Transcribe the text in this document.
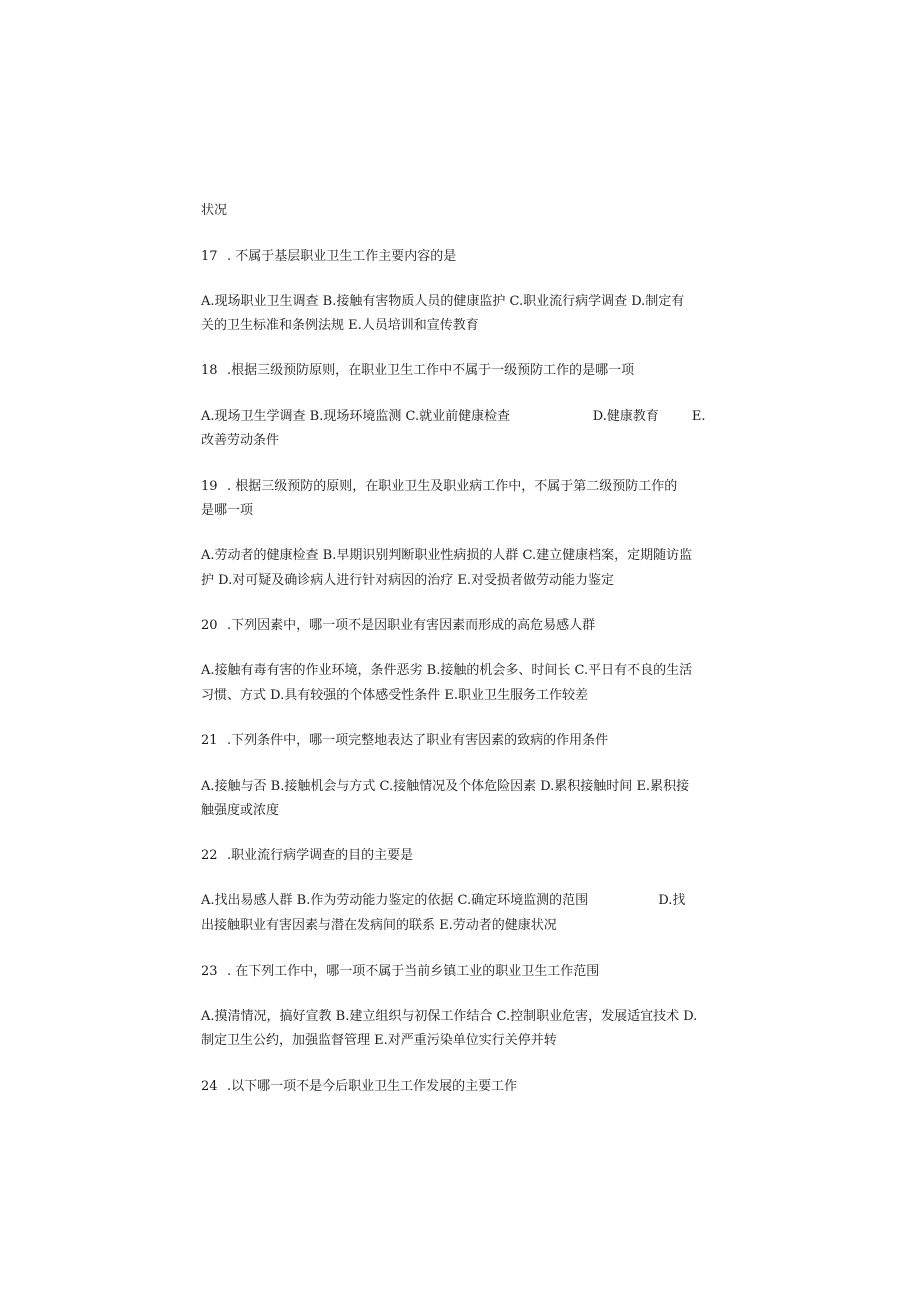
状况
17 . 不属于基层职业卫生工作主要内容的是
A.现场职业卫生调查 B.接触有害物质人员的健康监护 C.职业流行病学调查 D.制定有
关的卫生标准和条例法规 E.人员培训和宣传教育
18 .根据三级预防原则，在职业卫生工作中不属于一级预防工作的是哪一项
A.现场卫生学调查 B.现场环境监测 C.就业前健康检查                    D.健康教育        E.
改善劳动条件
19 . 根据三级预防的原则，在职业卫生及职业病工作中，不属于第二级预防工作的
是哪一项
A.劳动者的健康检查 B.早期识别判断职业性病损的人群 C.建立健康档案，定期随访监
护 D.对可疑及确诊病人进行针对病因的治疗 E.对受损者做劳动能力鉴定
20 .下列因素中，哪一项不是因职业有害因素而形成的高危易感人群
A.接触有毒有害的作业环境，条件恶劣 B.接触的机会多、时间长 C.平日有不良的生活
习惯、方式 D.具有较强的个体感受性条件 E.职业卫生服务工作较差
21 .下列条件中，哪一项完整地表达了职业有害因素的致病的作用条件
A.接触与否 B.接触机会与方式 C.接触情况及个体危险因素 D.累积接触时间 E.累积接
触强度或浓度
22 .职业流行病学调查的目的主要是
A.找出易感人群 B.作为劳动能力鉴定的依据 C.确定环境监测的范围                 D.找
出接触职业有害因素与潜在发病间的联系 E.劳动者的健康状况
23 . 在下列工作中，哪一项不属于当前乡镇工业的职业卫生工作范围
A.摸清情况，搞好宣教 B.建立组织与初保工作结合 C.控制职业危害，发展适宜技术 D.
制定卫生公约，加强监督管理 E.对严重污染单位实行关停并转
24 .以下哪一项不是今后职业卫生工作发展的主要工作
